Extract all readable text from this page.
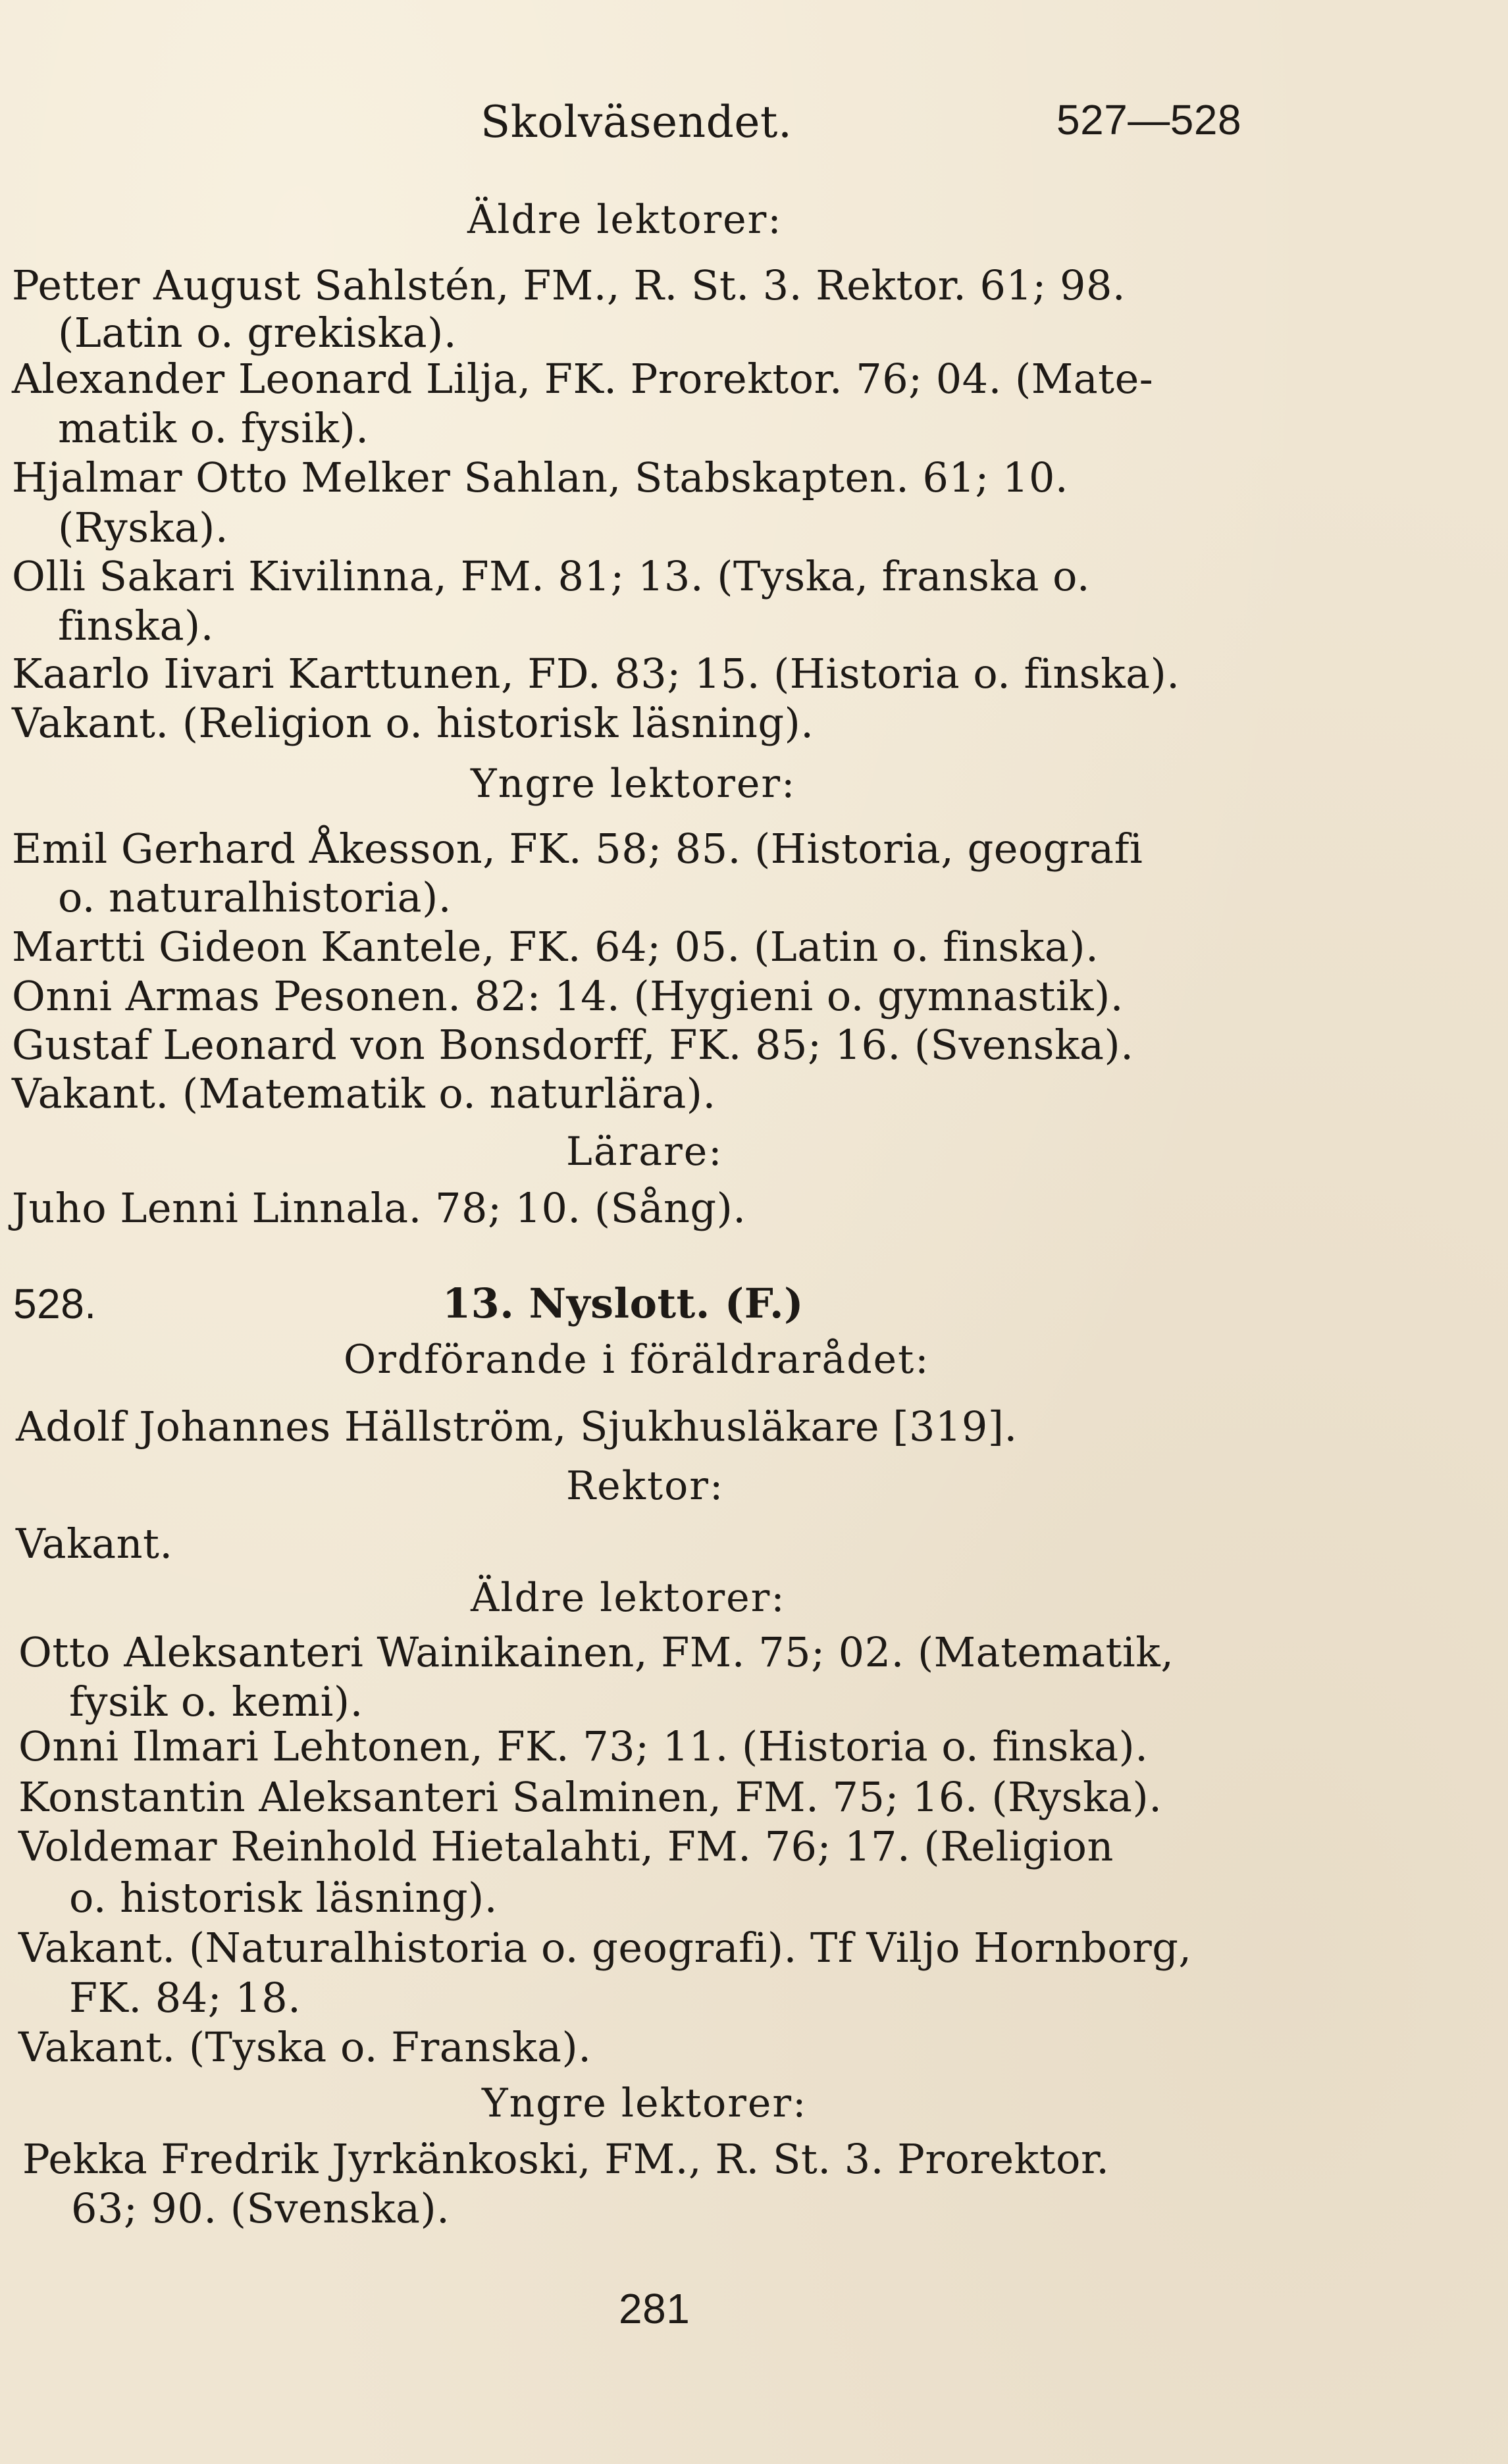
Skolväsendet.	527—528
Äldre lektorer:
Petter August Sahlstén, FM., R. St. 3. Rektor. 61; 98.
(Latin o. grekiska).
Alexander Leonard Lilja, FK. Prorektor. 76; 04. (Mate-
matik o. fysik).
Hjalmar Otto Melker Sahlan, Stabskapten. 61; 10.
(Ryska).
Olli Sakari Kivilinna, FM. 81; 13. (Tyska, franska o.
finska).
Kaarlo Iivari Karttunen, FD. 83; 15. (Historia o. finska).
Vakant. (Religion o. historisk läsning).
Yngre lektorer:
Emil Gerhard Åkesson, FK. 58; 85. (Historia, geografi
o. naturalhistoria).
Martti Gideon Kantele, FK. 64; 05. (Latin o. finska).
Onni Armas Pesonen. 82: 14. (Hygieni o. gymnastik).
Gustaf Leonard von Bonsdorff, FK. 85; 16. (Svenska).
Vakant. (Matematik o. naturlära).
Lärare:
Juho Lenni Linnala. 78; 10. (Sång).
528.	13. Nyslott. (F.)
Ordförande i föräldrarådet:
Adolf Johannes Hällström, Sjukhusläkare [319].
Rektor:
Vakant.
Äldre lektorer:
Otto Aleksanteri Wainikainen, FM. 75; 02. (Matematik,
fysik o. kemi).
Onni Ilmari Lehtonen, FK. 73; 11. (Historia o. finska).
Konstantin Aleksanteri Salminen, FM. 75; 16. (Ryska).
Voldemar Reinhold Hietalahti, FM. 76; 17. (Religion
o. historisk läsning).
Vakant. (Naturalhistoria o. geografi). Tf Viljo Hornborg,
FK. 84; 18.
Vakant. (Tyska o. Franska).
Yngre lektorer:
Pekka Fredrik Jyrkänkoski, FM., R. St. 3. Prorektor.
63; 90. (Svenska).
281
